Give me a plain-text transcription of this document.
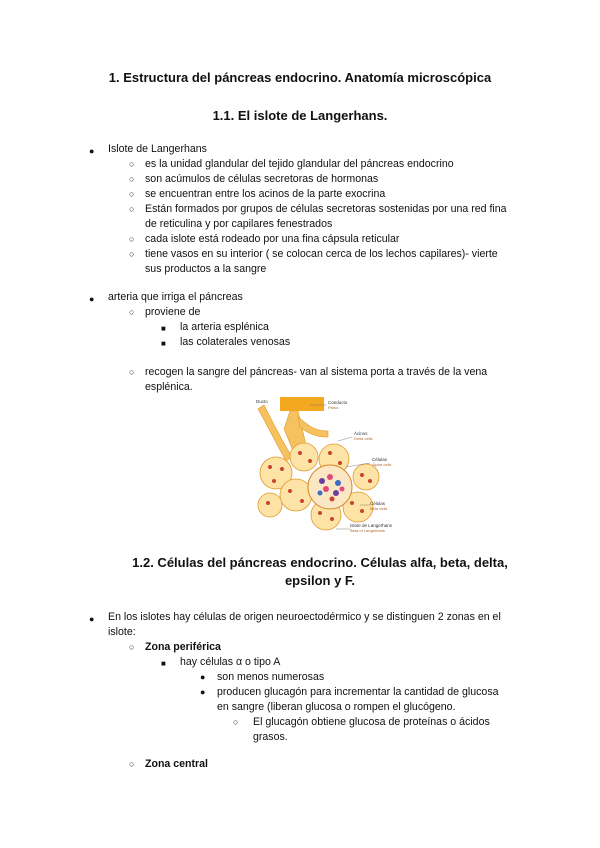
1. Estructura del páncreas endocrino. Anatomía microscópica
1.1. El islote de Langerhans.
● Islote de Langerhans
○ es la unidad glandular del tejido glandular del páncreas endocrino
○ son acúmulos de células secretoras de hormonas
○ se encuentran entre los acinos de la parte exocrina
○ Están formados por grupos de células secretoras sostenidas por una red fina
de reticulina y por capilares fenestrados
○ cada islote está rodeado por una fina cápsula reticular
○ tiene vasos en su interior ( se colocan cerca de los lechos capilares)- vierte
sus productos a la sangre
● arteria que irriga el páncreas
○ proviene de
■ la arteria esplénica
■ las colaterales venosas
○ recogen la sangre del páncreas- van al sistema porta a través de la vena
esplénica.
Conducto
Pancr.
Ácinos
Delta cells
Células
Alpha cells
Células
Beta cells
Islote de Langerhans
Beta of Langerhans
Ducto
1.2. Células del páncreas endocrino. Células alfa, beta, delta,
epsilon y F.
● En los islotes hay células de origen neuroectodérmico y se distinguen 2 zonas en el
islote:
○ Zona periférica
■ hay células α o tipo A
● son menos numerosas
● producen glucagón para incrementar la cantidad de glucosa
en sangre (liberan glucosa o rompen el glucógeno.
○ El glucagón obtiene glucosa de proteínas o ácidos
grasos.
○ Zona central
